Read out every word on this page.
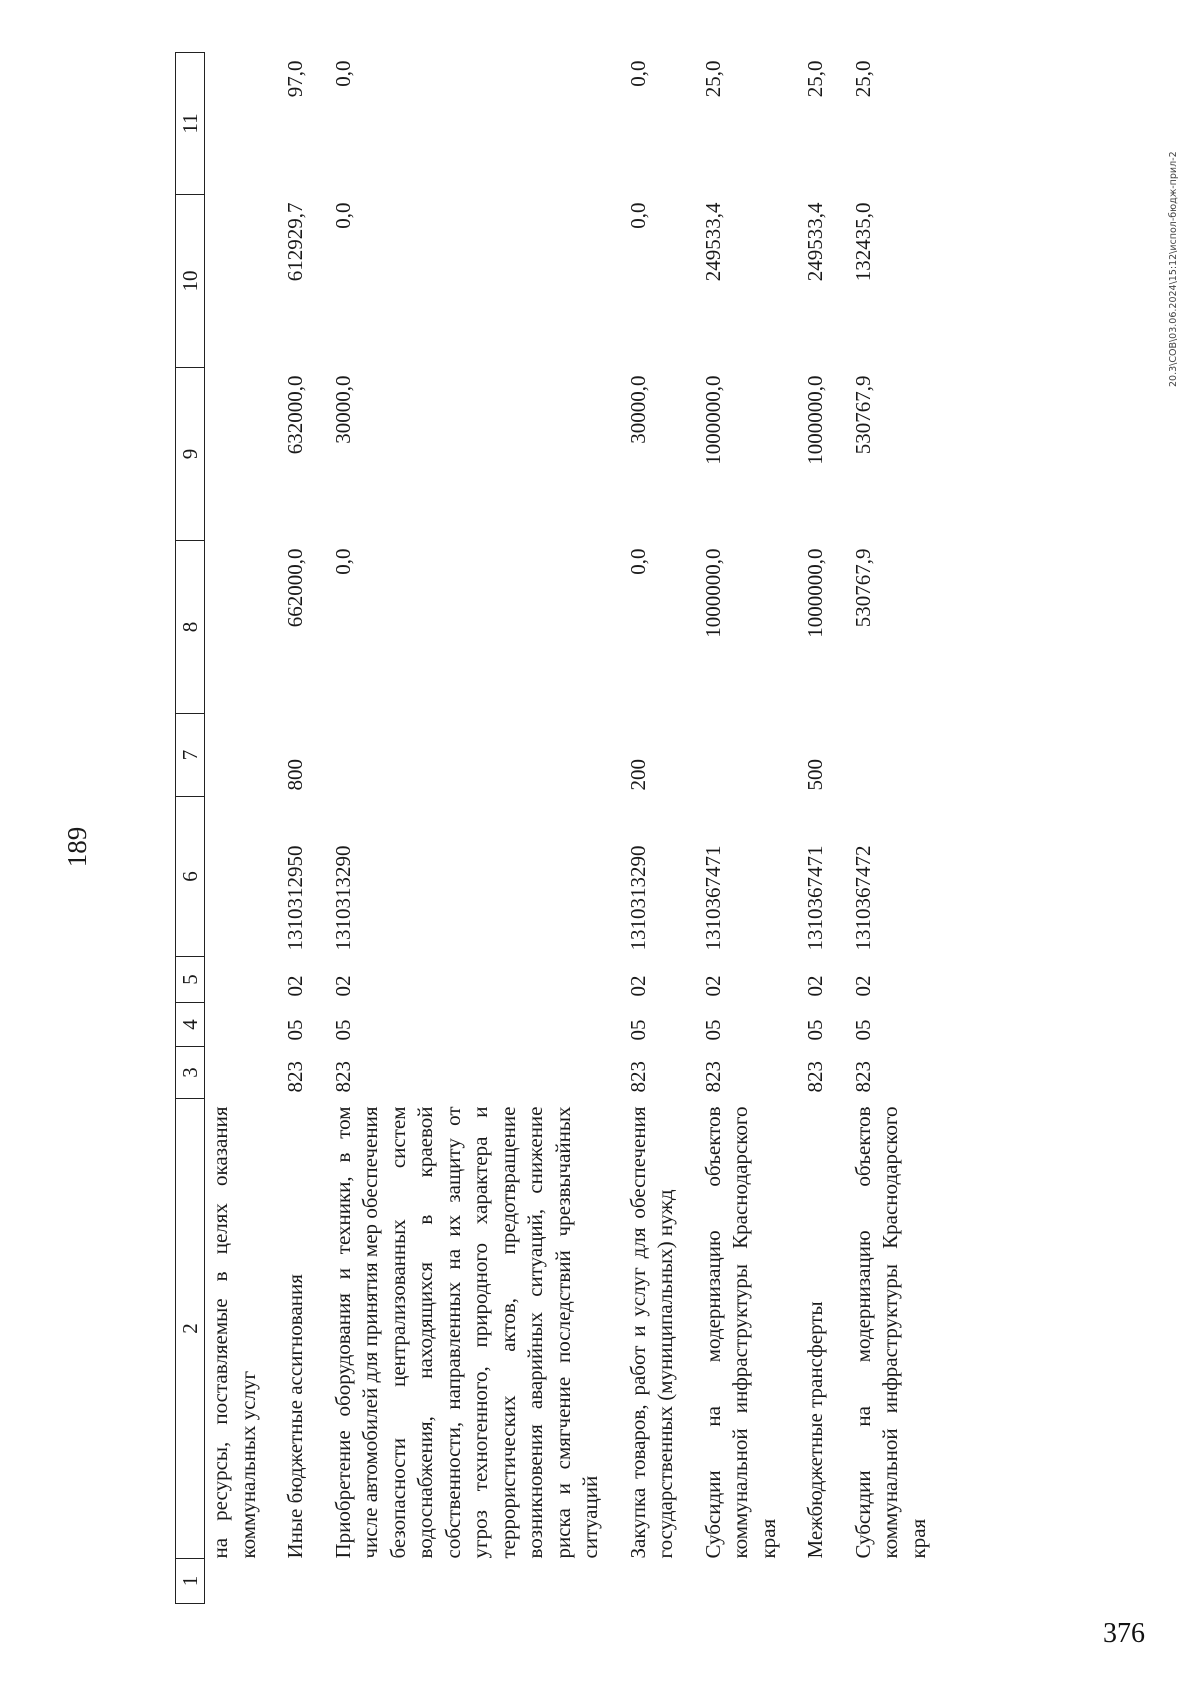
189
1	2	3	4	5	6	7	8	9	10	11
	на ресурсы, поставляемые в целях оказания коммунальных услуг									
	Иные бюджетные ассигнования	823	05	02	1310312950	800	662000,0	632000,0	612929,7	97,0
	Приобретение оборудования и техники, в том числе автомобилей для принятия мер обеспечения безопасности централизованных систем водоснабжения, находящихся в краевой собственности, направленных на их защиту от угроз техногенного, природного характера и террористических актов, предотвращение возникновения аварийных ситуаций, снижение риска и смягчение последствий чрезвычайных ситуаций	823	05	02	1310313290		0,0	30000,0	0,0	0,0
	Закупка товаров, работ и услуг для обеспечения государственных (муниципальных) нужд	823	05	02	1310313290	200	0,0	30000,0	0,0	0,0
	Субсидии на модернизацию объектов коммунальной инфраструктуры Краснодарского края	823	05	02	1310367471		1000000,0	1000000,0	249533,4	25,0
	Межбюджетные трансферты	823	05	02	1310367471	500	1000000,0	1000000,0	249533,4	25,0
	Субсидии на модернизацию объектов коммунальной инфраструктуры Краснодарского края	823	05	02	1310367472		530767,9	530767,9	132435,0	25,0
20.3\СОВ\03.06.2024\15:12\испол-бюдж-прил-2
376
